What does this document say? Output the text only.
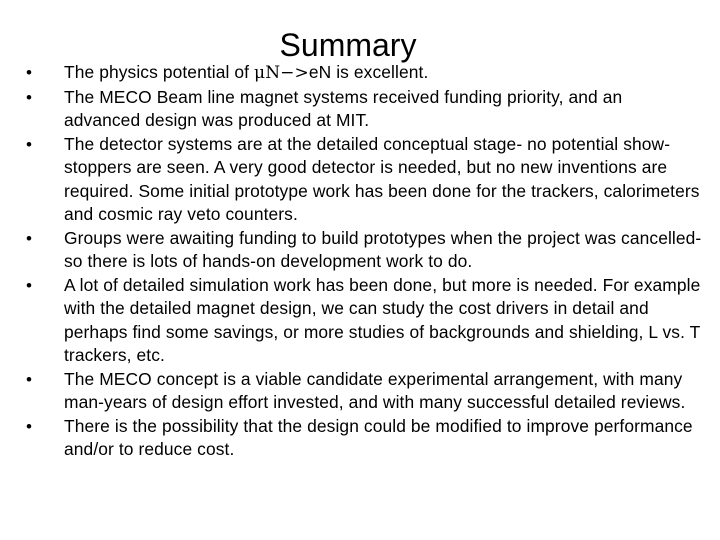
Summary
•	The physics potential of μN−>eN is excellent.
•	The MECO Beam line magnet systems received funding priority, and an advanced design was produced at MIT.
•	The detector systems are at the detailed conceptual stage- no potential show-stoppers are seen. A very good detector is needed, but no new inventions are required. Some initial prototype work has been done for the trackers, calorimeters and cosmic ray veto counters.
•	Groups were awaiting funding to build prototypes when the project was cancelled- so there is lots of hands-on development work to do.
•	A lot of detailed simulation work has been done, but more is needed. For example with the detailed magnet design, we can study the cost drivers in detail and perhaps find some savings, or more studies of backgrounds and shielding, L vs. T trackers, etc.
•	The MECO concept is a viable candidate experimental arrangement, with many man-years of design effort invested, and with many successful detailed reviews.
•	There is the possibility that the design could be modified to improve performance and/or to reduce cost.
